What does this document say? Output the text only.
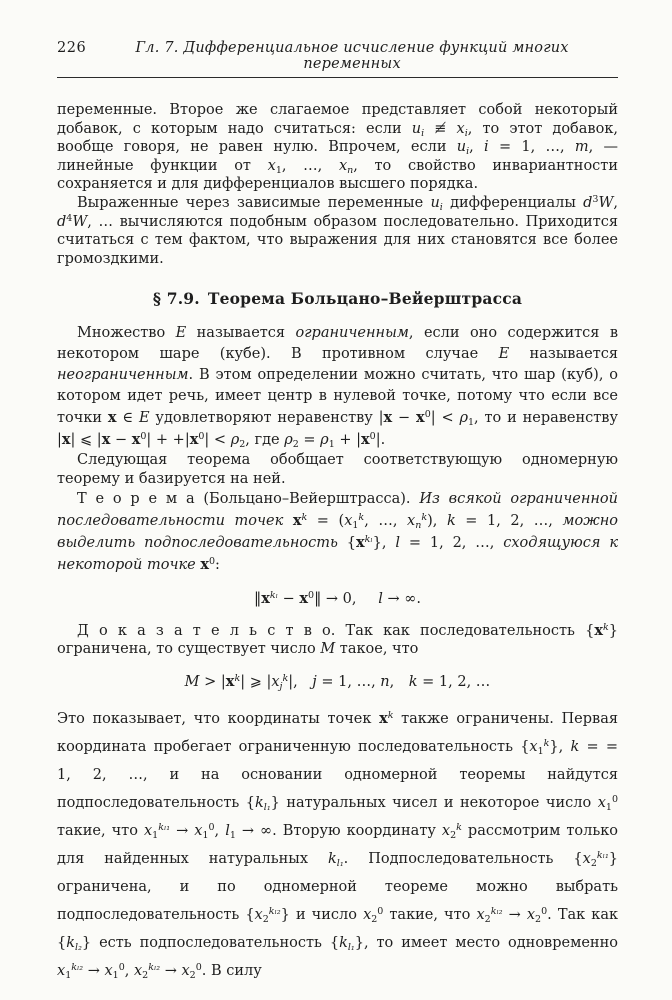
226	Гл. 7. Дифференциальное исчисление функций многих переменных

переменные. Второе же слагаемое представляет собой некоторый добавок, с которым надо считаться: если $u_i$ ≢ $x_i$, то этот добавок, вообще говоря, не равен нулю. Впрочем, если $u_i$, i = 1, …, m, — линейные функции от $x_1$, …, $x_n$, то свойство инвариантности сохраняется и для дифференциалов высшего порядка.

Выраженные через зависимые переменные $u_i$ дифференциалы $d^3W$, $d^4W$, … вычисляются подобным образом последовательно. Приходится считаться с тем фактом, что выражения для них становятся все более громоздкими.

§ 7.9. Теорема Больцано–Вейерштрасса

Множество E называется ограниченным, если оно содержится в некотором шаре (кубе). В противном случае E называется неограниченным. В этом определении можно считать, что шар (куб), о котором идет речь, имеет центр в нулевой точке, потому что если все точки x ∈ E удовлетворяют неравенству $|x - x^0| < \rho_1$, то и неравенству |x| ⩽ $|x - x^0| + +|x^0| < \rho_2$, где $\rho_2 = \rho_1 + |x^0|$.

Следующая теорема обобщает соответствующую одномерную теорему и базируется на ней.

Т е о р е м а (Больцано–Вейерштрасса). Из всякой ограниченной последовательности точек $x^k = (x_1^k$, …, $x_n^k$), k = 1, 2, …, можно выделить подпоследовательность $\{x^{k_l}\}$, l = 1, 2, …, сходящуюся к некоторой точке $x^0$:

$‖x^{k_l}$ − $x^0‖ \to 0$,   l → ∞.

Д о к а з а т е л ь с т в о. Так как последовательность $\{x^k\}$ ограничена, то существует число M такое, что

$M > |x^k|$ ⩾ $|x_j^k|$,  j = 1, …, n,  k = 1, 2, …

Это показывает, что координаты точек $x^k$ также ограничены. Первая координата пробегает ограниченную последовательность $\{x_1^k\}$, k = = 1, 2, …, и на основании одномерной теоремы найдутся подпоследовательность $\{k_{l_1}\}$ натуральных чисел и некоторое число $x_1^0$ такие, что $x_1^{k_{l1}} \to x_1^0$, $l_1$ → ∞. Вторую координату $x_2^k$ рассмотрим только для найденных натуральных $k_{l_1}$. Подпоследовательность $\{x_2^{k_{l1}}\}$ ограничена, и по одномерной теореме можно выбрать подпоследовательность $\{x_2^{k_{l2}}\}$ и число $x_2^0$ такие, что $x_2^{k_{l2}} \to x_2^0$. Так как $\{k_{l_2}\}$ есть подпоследовательность $\{k_{l_1}\}$, то имеет место одновременно $x_1^{k_{l2}} \to x_1^0$, $x_2^{k_{l2}} \to x_2^0$. В силу
